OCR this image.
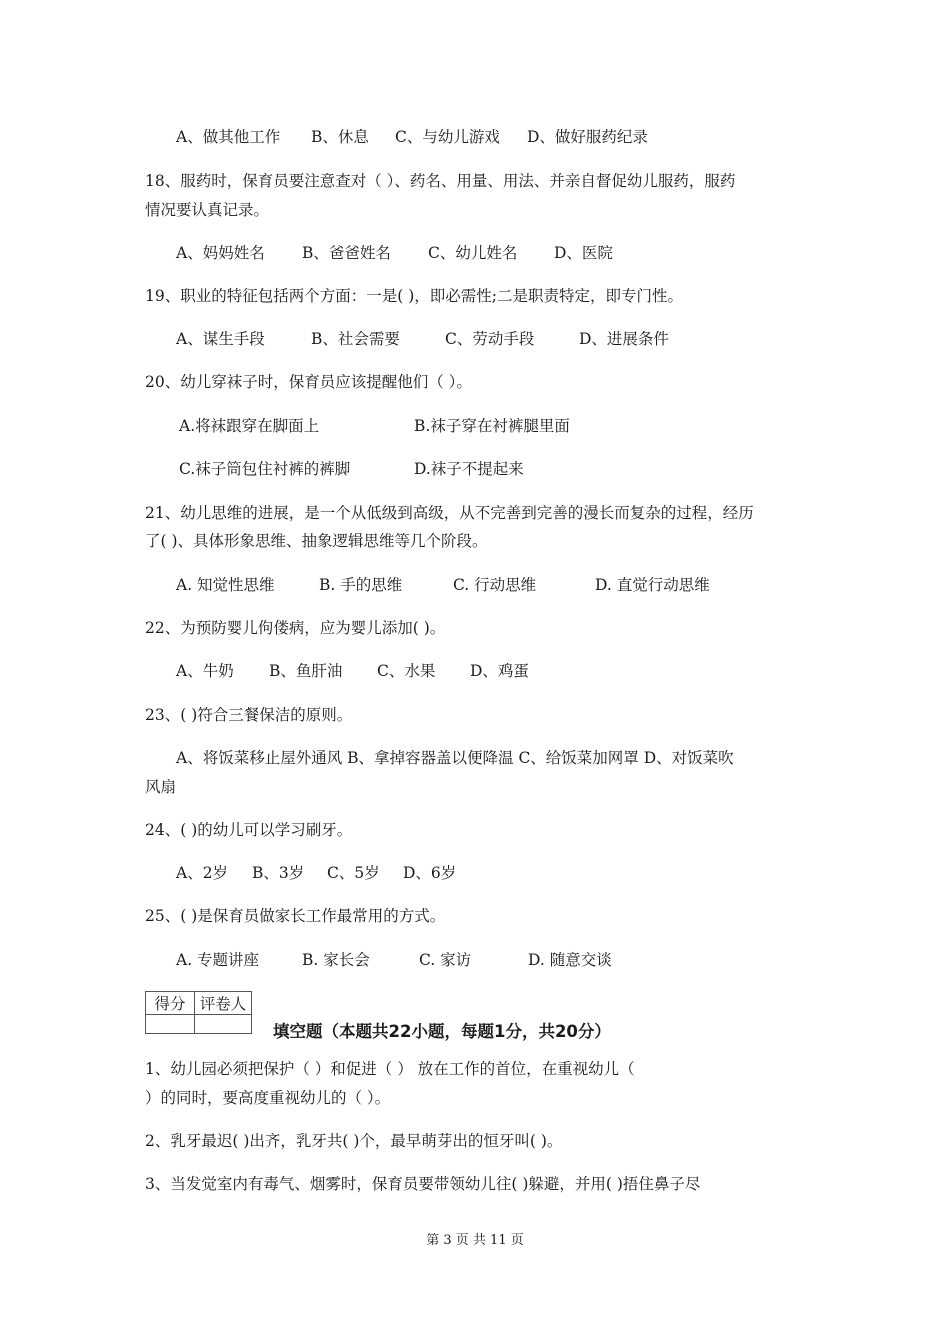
A、做其他工作 B、休息 C、与幼儿游戏 D、做好服药纪录
18、服药时，保育员要注意查对（ ）、药名、用量、用法、并亲自督促幼儿服药，服药
情况要认真记录。
A、妈妈姓名 B、爸爸姓名 C、幼儿姓名 D、医院
19、职业的特征包括两个方面：一是( )，即必需性;二是职责特定，即专门性。
A、谋生手段	B、社会需要	C、劳动手段	D、进展条件
20、幼儿穿袜子时，保育员应该提醒他们（ ）。
A.将袜跟穿在脚面上	B.袜子穿在衬裤腿里面
C.袜子筒包住衬裤的裤脚	D.袜子不提起来
21、幼儿思维的进展，是一个从低级到高级，从不完善到完善的漫长而复杂的过程，经历
了( )、具体形象思维、抽象逻辑思维等几个阶段。
A. 知觉性思维	B. 手的思维	C. 行动思维	D. 直觉行动思维
22、为预防婴儿佝偻病，应为婴儿添加( )。
A、牛奶 B、鱼肝油 C、水果 D、鸡蛋
23、( )符合三餐保洁的原则。
A、将饭菜移止屋外通风 B、拿掉容器盖以便降温 C、给饭菜加网罩 D、对饭菜吹
风扇
24、( )的幼儿可以学习刷牙。
A、2岁 B、3岁 C、5岁 D、6岁
25、( )是保育员做家长工作最常用的方式。
A. 专题讲座	B. 家长会	C. 家访	D. 随意交谈
得分	评卷人

填空题（本题共22小题，每题1分，共20分）
1、幼儿园必须把保护（ ）和促进（ ） 放在工作的首位，在重视幼儿（
）的同时，要高度重视幼儿的（ ）。
2、乳牙最迟( )出齐，乳牙共( )个，最早萌芽出的恒牙叫( )。
3、当发觉室内有毒气、烟雾时，保育员要带领幼儿往( )躲避，并用( )捂住鼻子尽
第 3 页 共 11 页
